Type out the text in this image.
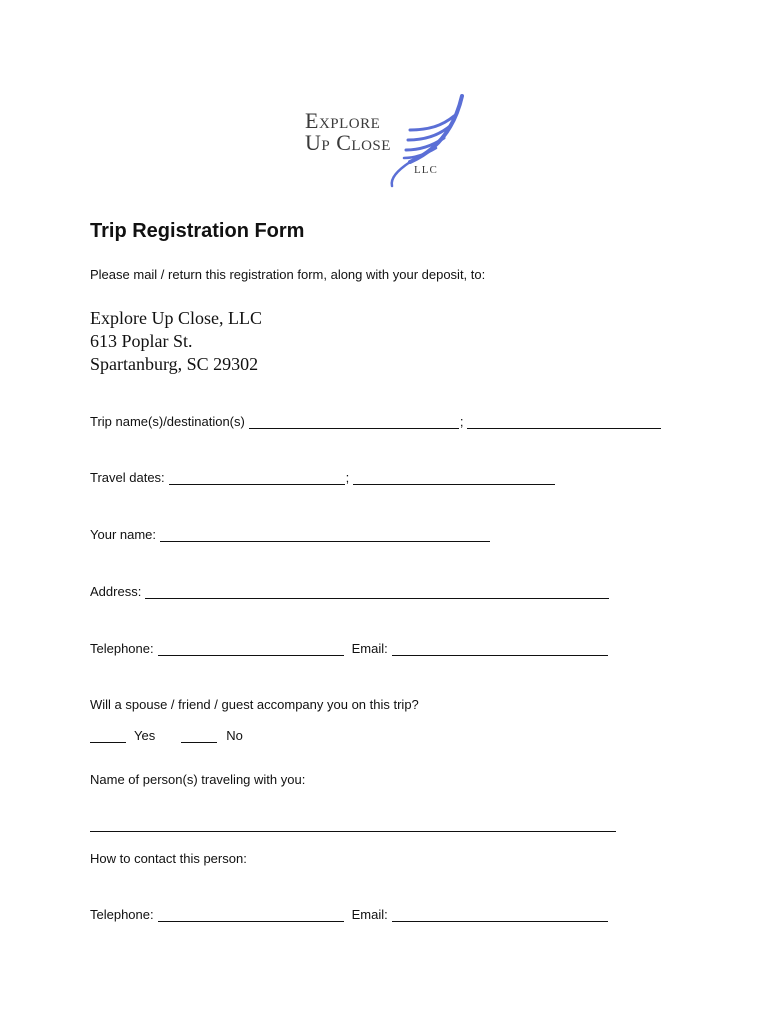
Explore
Up Close
LLC
Trip Registration Form
Please mail / return this registration form, along with your deposit, to:
Explore Up Close, LLC
613 Poplar St.
Spartanburg, SC 29302
Trip name(s)/destination(s)	;
Travel dates:	;
Your name:
Address:
Telephone:	Email:
Will a spouse / friend / guest accompany you on this trip?
Yes	No
Name of person(s) traveling with you:
How to contact this person:
Telephone:	Email:
